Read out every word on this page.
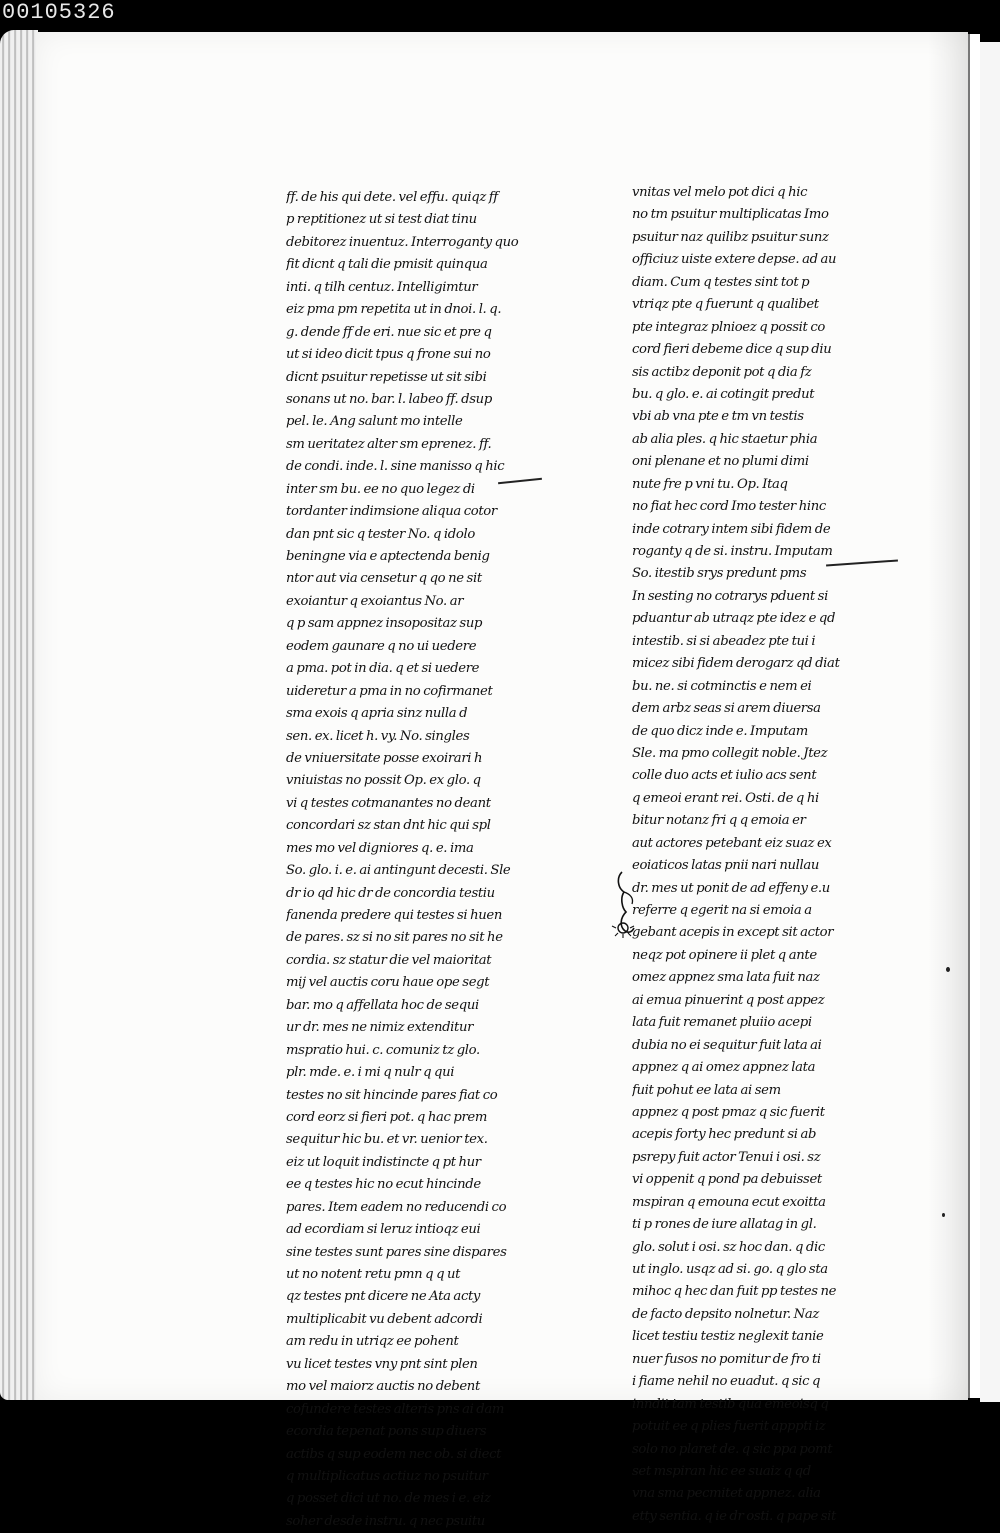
00105326
ff. de his qui dete. vel effu. quiqz ff
p reptitionez ut si test diat tinu
debitorez inuentuz. Interroganty quo
fit dicnt q tali die pmisit quinqua
inti. q tilh centuz. Intelligimtur
eiz pma pm repetita ut in dnoi. l. q.
g. dende ff de eri. nue sic et pre q
ut si ideo dicit tpus q frone sui no
dicnt psuitur repetisse ut sit sibi
sonans ut no. bar. l. labeo ff. dsup
pel. le. Ang salunt mo intelle
sm ueritatez alter sm eprenez. ff.
de condi. inde. l. sine manisso q hic
inter sm bu. ee no quo legez di
tordanter indimsione aliqua cotor
dan pnt sic q tester No. q idolo
beningne via e aptectenda benig
ntor aut via censetur q qo ne sit
exoiantur q exoiantus No. ar
q p sam appnez insopositaz sup
eodem gaunare q no ui uedere
a pma. pot in dia. q et si uedere
uideretur a pma in no cofirmanet
sma exois q apria sinz nulla d
sen. ex. licet h. vy. No. singles
de vniuersitate posse exoirari h
vniuistas no possit Op. ex glo. q
vi q testes cotmanantes no deant
concordari sz stan dnt hic qui spl
mes mo vel digniores q. e. ima
So. glo. i. e. ai antingunt decesti. Sle
dr io qd hic dr de concordia testiu
fanenda predere qui testes si huen
de pares. sz si no sit pares no sit he
cordia. sz statur die vel maioritat
mij vel auctis coru haue ope segt
bar. mo q affellata hoc de sequi
ur dr. mes ne nimiz extenditur
mspratio hui. c. comuniz tz glo.
plr. mde. e. i mi q nulr q qui
testes no sit hincinde pares fiat co
cord eorz si fieri pot. q hac prem
sequitur hic bu. et vr. uenior tex.
eiz ut loquit indistincte q pt hur
ee q testes hic no ecut hincinde
pares. Item eadem no reducendi co
ad ecordiam si leruz intioqz eui
sine testes sunt pares sine dispares
ut no notent retu pmn q q ut
qz testes pnt dicere ne Ata acty
multiplicabit vu debent adcordi
am redu in utriqz ee pohent
vu licet testes vny pnt sint plen
mo vel maiorz auctis no debent
cofundere testes alteris pns ai dam
ecordia tepenat pons sup diuers
actibs q sup eodem nec ob. si diect
q multiplicatus actiuz no psuitur
q posset dici ut no. de mes i e. eiz
soher desde instru. q nec psuitu
vnitas vel melo pot dici q hic
no tm psuitur multiplicatas Imo
psuitur naz quilibz psuitur sunz
officiuz uiste extere depse. ad au
diam. Cum q testes sint tot p
vtriqz pte q fuerunt q qualibet
pte integraz plnioez q possit co
cord fieri debeme dice q sup diu
sis actibz deponit pot q dia fz
bu. q glo. e. ai cotingit predut
vbi ab vna pte e tm vn testis
ab alia ples. q hic staetur phia
oni plenane et no plumi dimi
nute fre p vni tu. Op. Itaq
no fiat hec cord Imo tester hinc
inde cotrary intem sibi fidem de
roganty q de si. instru. Imputam
So. itestib srys predunt pms
In sesting no cotrarys pduent si
pduantur ab utraqz pte idez e qd
intestib. si si abeadez pte tui i
micez sibi fidem derogarz qd diat
bu. ne. si cotminctis e nem ei
dem arbz seas si arem diuersa
de quo dicz inde e. Imputam
Sle. ma pmo collegit noble. Jtez
colle duo acts et iulio acs sent
q emeoi erant rei. Osti. de q hi
bitur notanz fri q q emoia er
aut actores petebant eiz suaz ex
eoiaticos latas pnii nari nullau
dr. mes ut ponit de ad effeny e.u
referre q egerit na si emoia a
gebant acepis in except sit actor
neqz pot opinere ii plet q ante
omez appnez sma lata fuit naz
ai emua pinuerint q post appez
lata fuit remanet pluiio acepi
dubia no ei sequitur fuit lata ai
appnez q ai omez appnez lata
fuit pohut ee lata ai sem
appnez q post pmaz q sic fuerit
acepis forty hec predunt si ab
psrepy fuit actor Tenui i osi. sz
vi oppenit q pond pa debuisset
mspiran q emouna ecut exoitta
ti p rones de iure allatag in gl.
glo. solut i osi. sz hoc dan. q dic
ut inglo. usqz ad si. go. q glo sta
mihoc q hec dan fuit pp testes ne
de facto depsito nolnetur. Naz
licet testiu testiz neglexit tanie
nuer fusos no pomitur de fro ti
i fiame nehil no euadut. q sic q
inndit tam testib qua emeoisq q
potuit ee q plies fuerit apppti iz
solo no plaret de. q sic ppa pomt
set mspiran hic ee suaiz q qd
vna sma pecmitet appnez. alia
etty sentia. q ie dr osti. q pape sit
